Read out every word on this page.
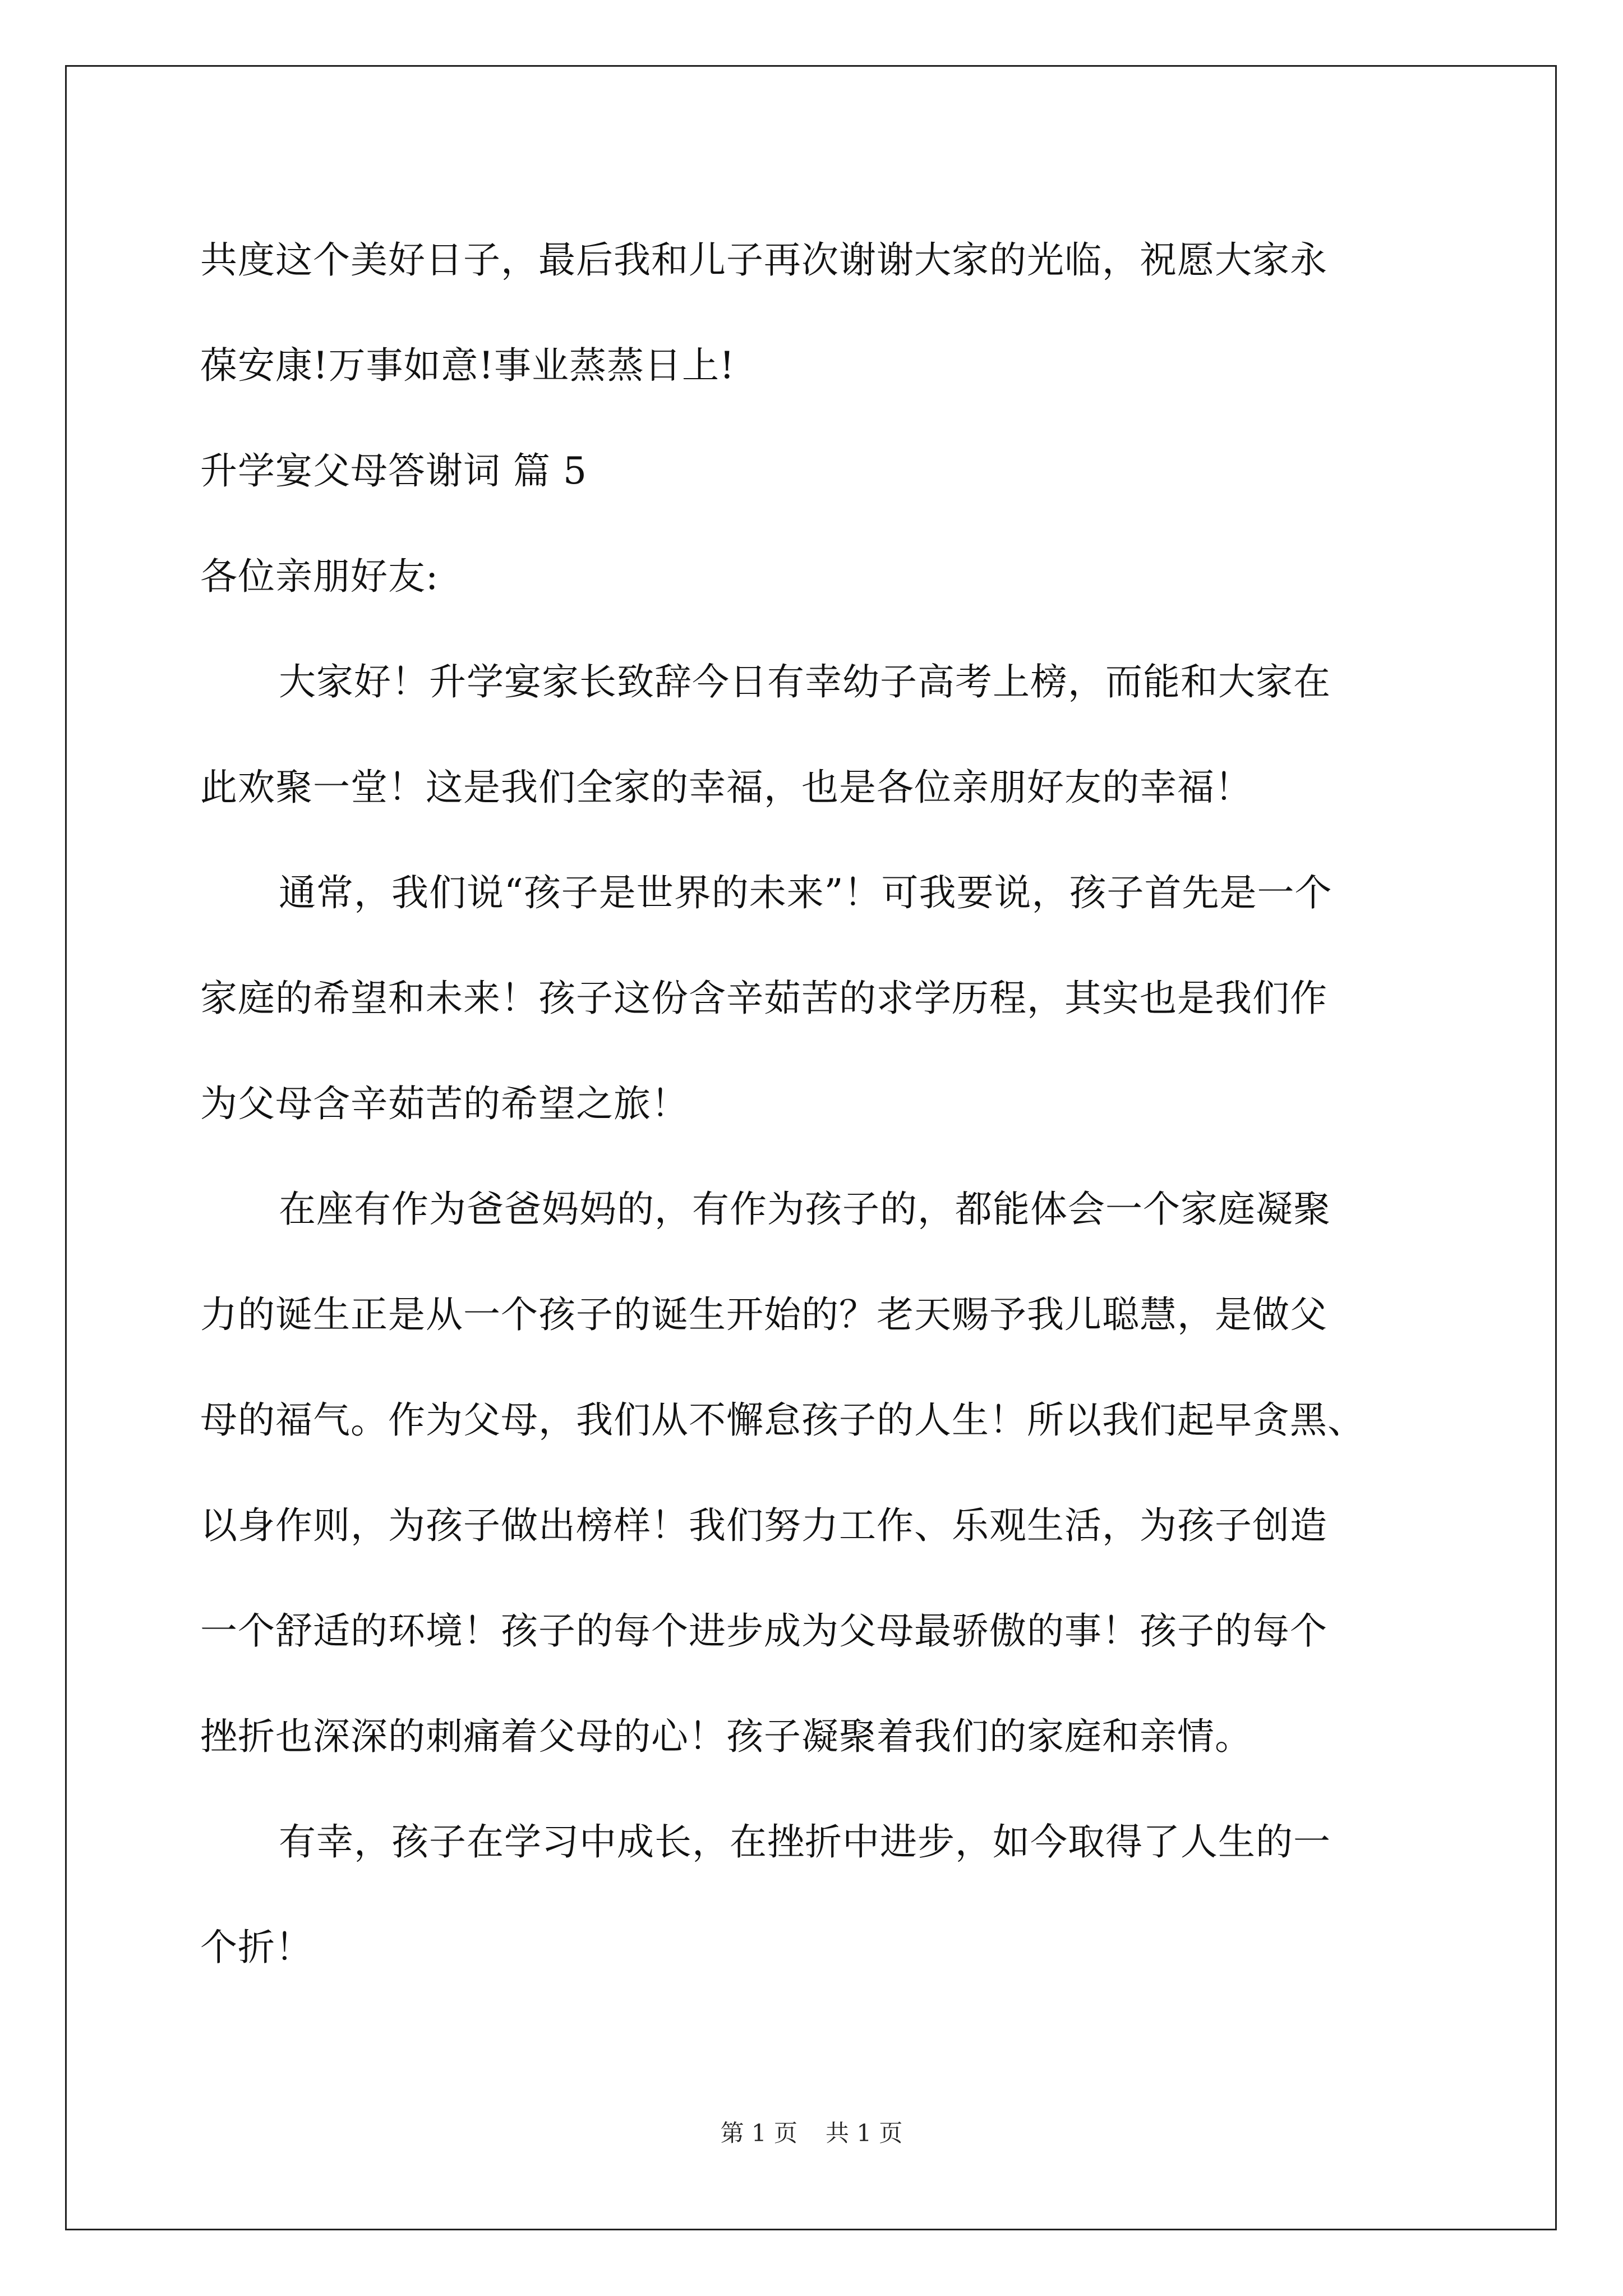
共度这个美好日子，最后我和儿子再次谢谢大家的光临，祝愿大家永
葆安康!万事如意!事业蒸蒸日上!
升学宴父母答谢词 篇 5
各位亲朋好友:
大家好！升学宴家长致辞今日有幸幼子高考上榜，而能和大家在
此欢聚一堂！这是我们全家的幸福，也是各位亲朋好友的幸福！
通常，我们说“孩子是世界的未来”！可我要说，孩子首先是一个
家庭的希望和未来！孩子这份含辛茹苦的求学历程，其实也是我们作
为父母含辛茹苦的希望之旅！
在座有作为爸爸妈妈的，有作为孩子的，都能体会一个家庭凝聚
力的诞生正是从一个孩子的诞生开始的？老天赐予我儿聪慧，是做父
母的福气。作为父母，我们从不懈怠孩子的人生！所以我们起早贪黑、
以身作则，为孩子做出榜样！我们努力工作、乐观生活，为孩子创造
一个舒适的环境！孩子的每个进步成为父母最骄傲的事！孩子的每个
挫折也深深的刺痛着父母的心！孩子凝聚着我们的家庭和亲情。
有幸，孩子在学习中成长，在挫折中进步，如今取得了人生的一
个折！
第 1 页 共 1 页
